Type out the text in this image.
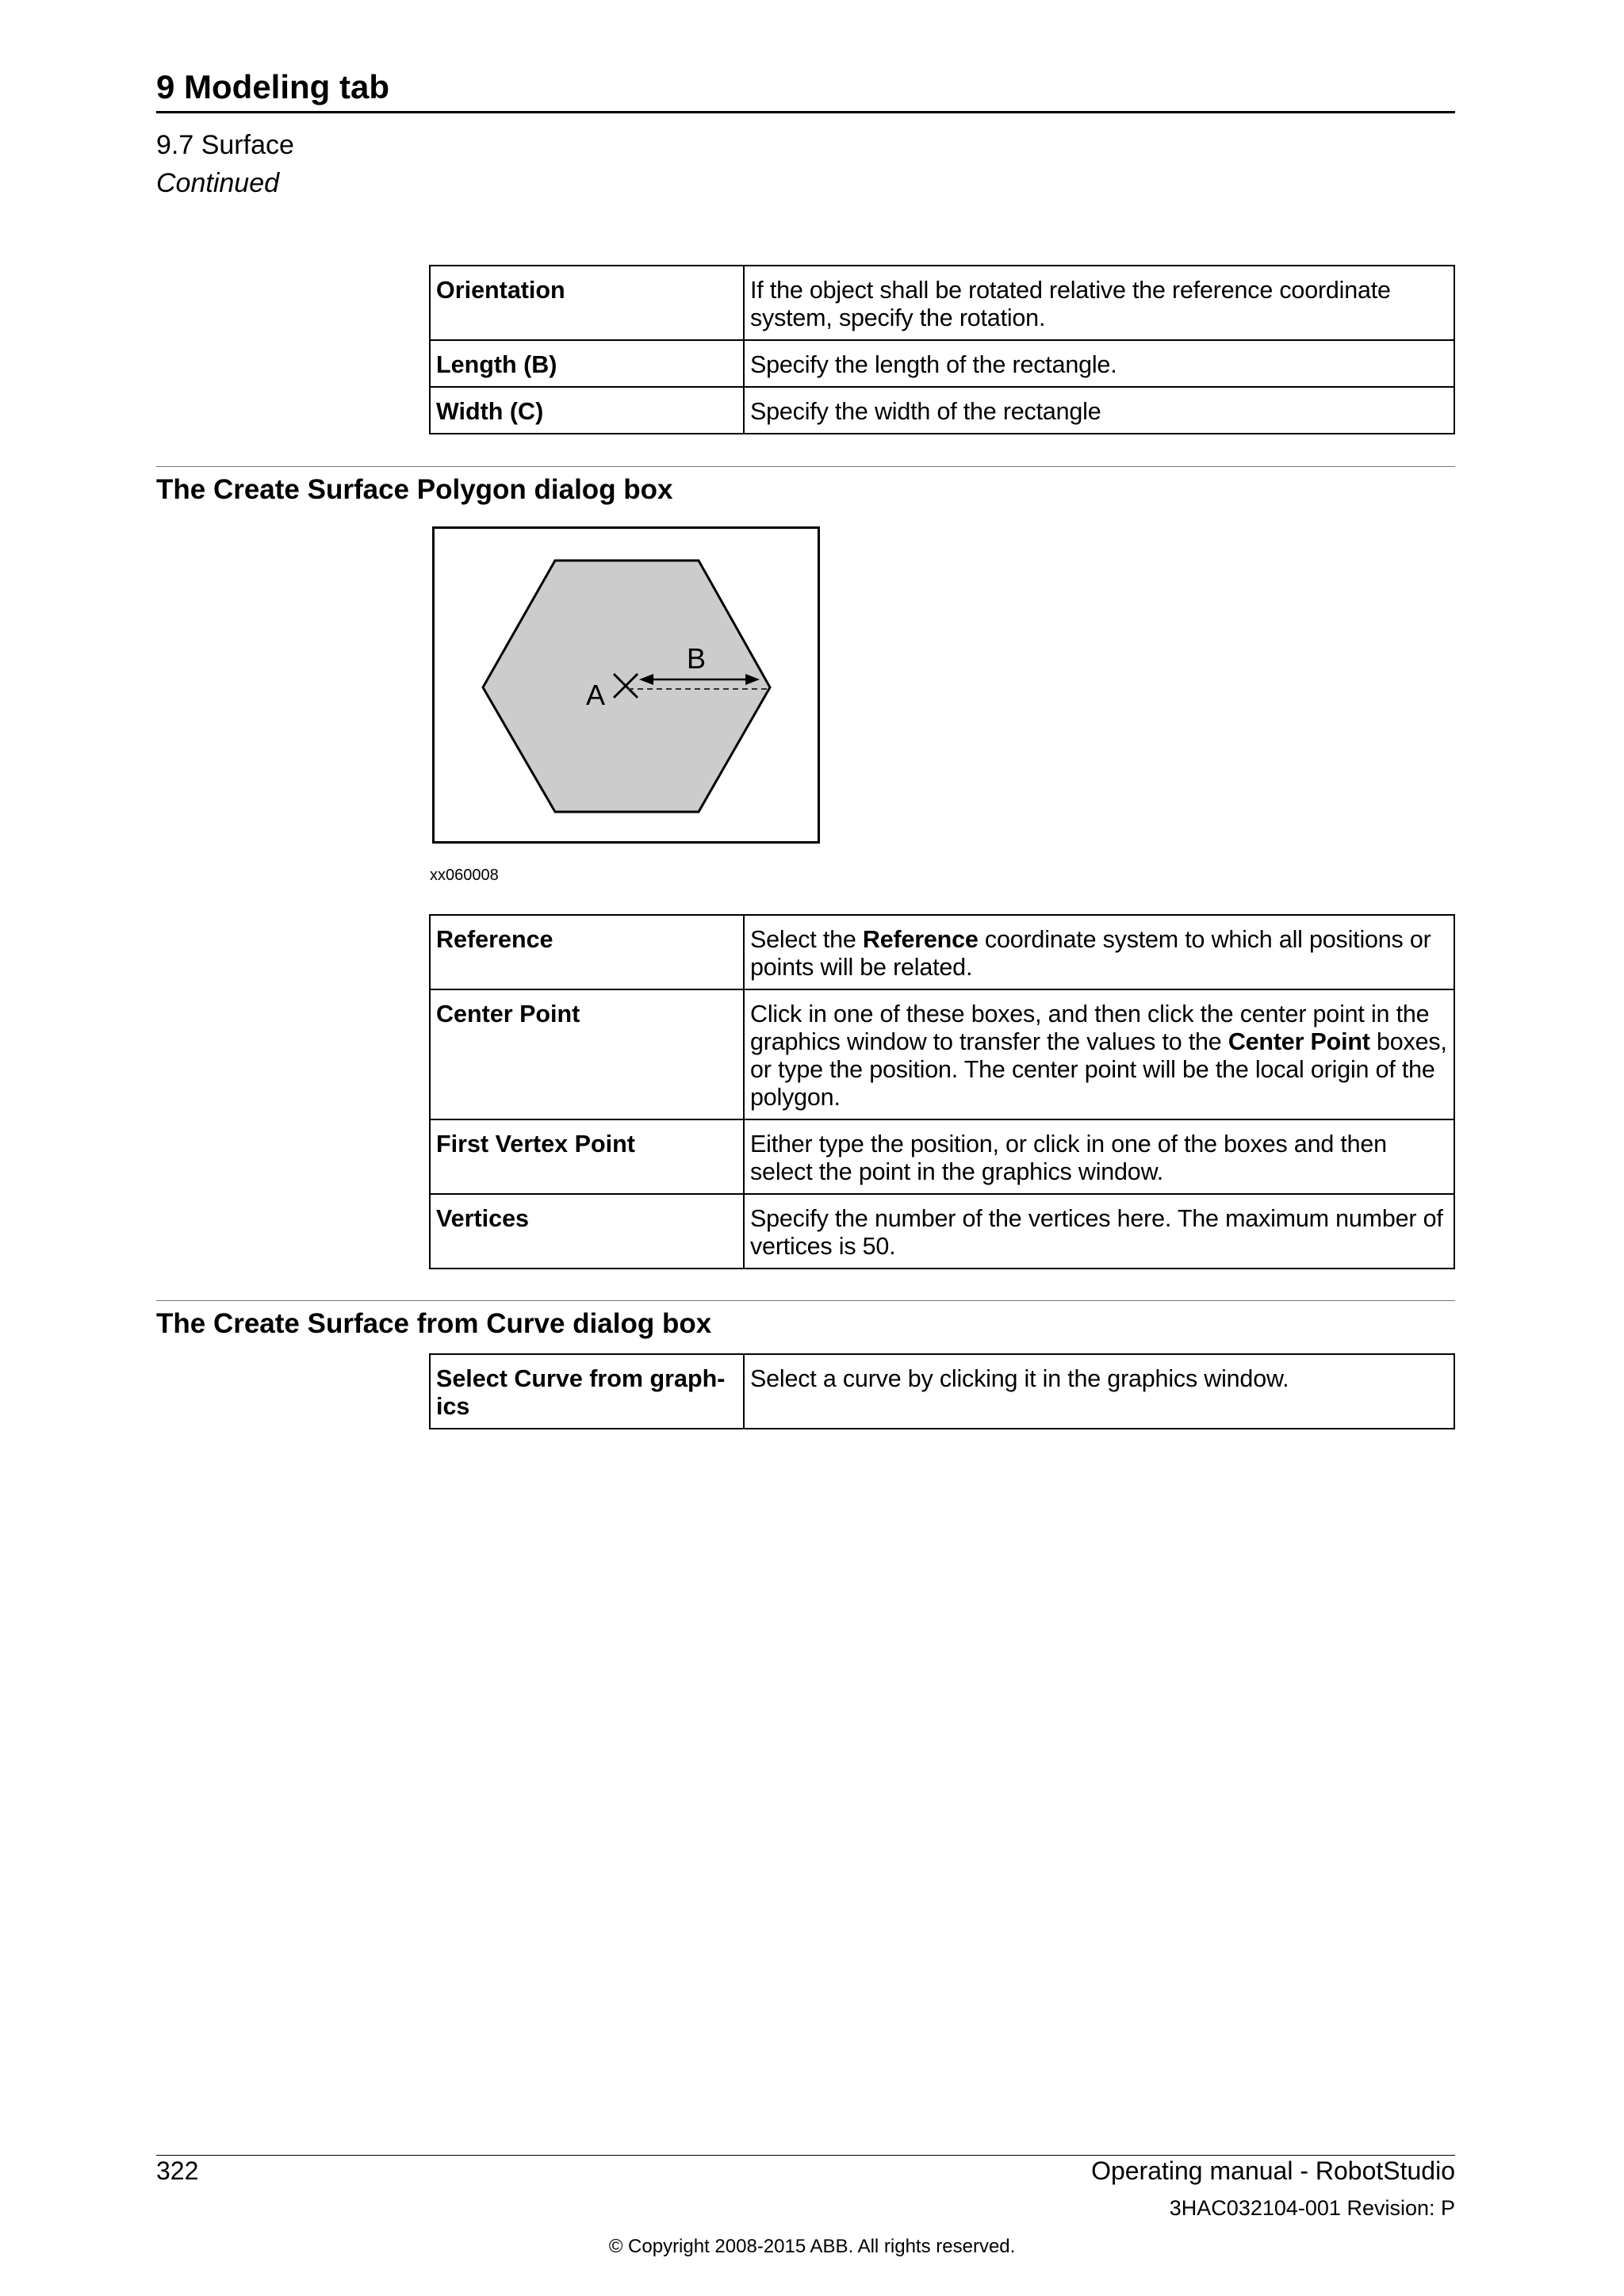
9 Modeling tab
9.7 Surface
Continued
Orientation	If the object shall be rotated relative the reference coordinate system, specify the rotation.
Length (B)	Specify the length of the rectangle.
Width (C)	Specify the width of the rectangle
The Create Surface Polygon dialog box
A
B
xx060008
Reference	Select the Reference coordinate system to which all positions or points will be related.
Center Point	Click in one of these boxes, and then click the center point in the graphics window to transfer the values to the Center Point boxes, or type the position. The center point will be the local origin of the polygon.
First Vertex Point	Either type the position, or click in one of the boxes and then select the point in the graphics window.
Vertices	Specify the number of the vertices here. The maximum number of vertices is 50.
The Create Surface from Curve dialog box
Select Curve from graph-
ics	Select a curve by clicking it in the graphics window.
322	Operating manual - RobotStudio
3HAC032104-001 Revision: P
© Copyright 2008-2015 ABB. All rights reserved.
